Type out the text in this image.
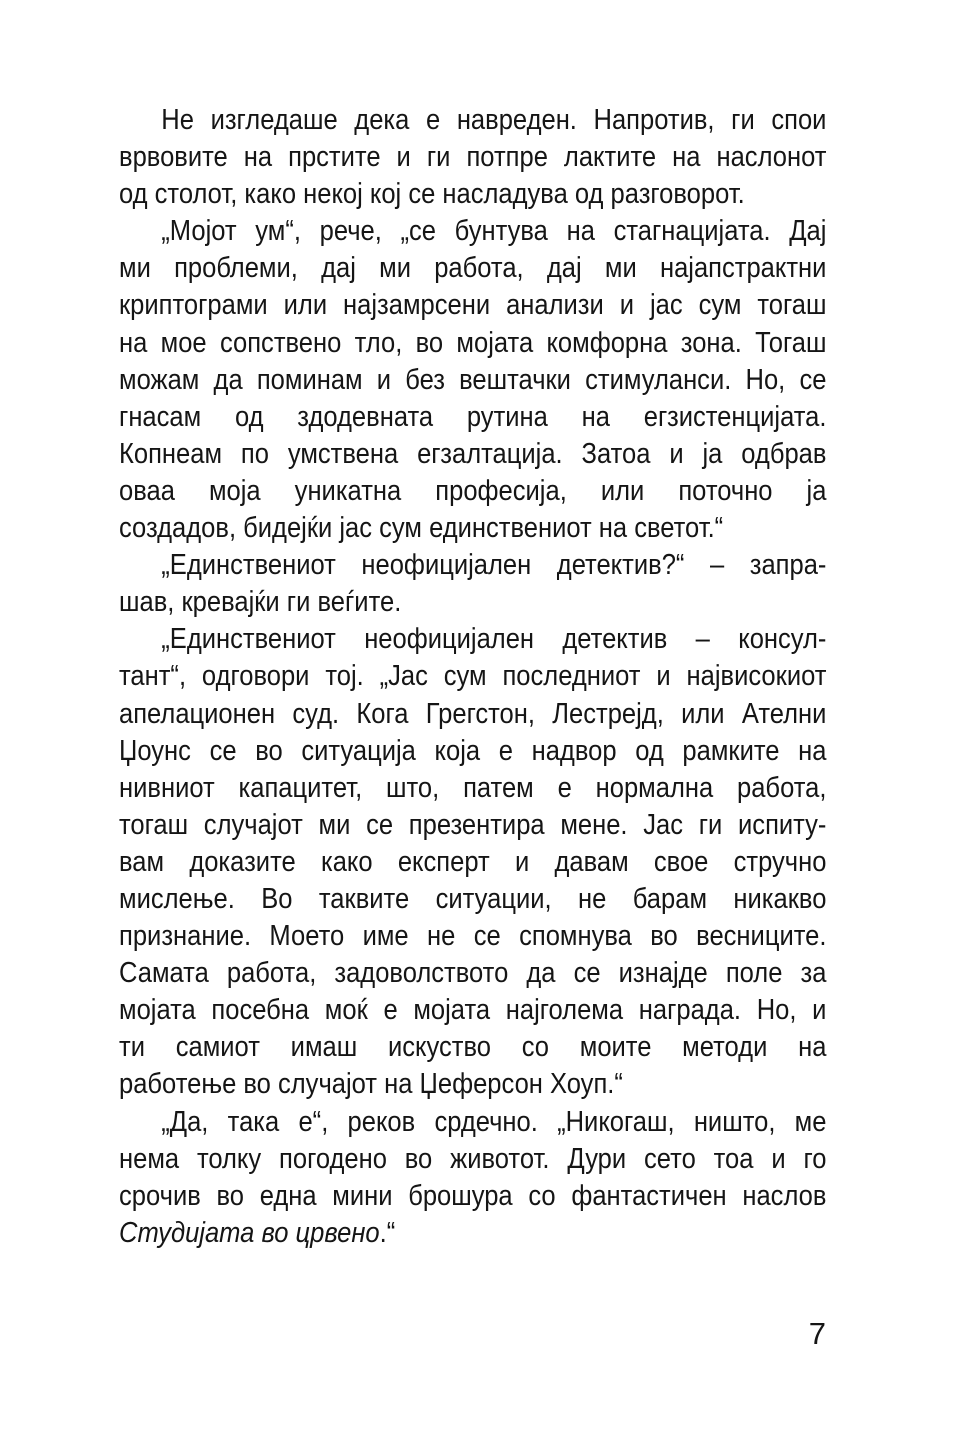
Не изгледаше дека е навреден. Напротив, ги спои
врвовите на прстите и ги потпре лактите на наслонот
од столот, како некој кој се насладува од разговорот.
„Мојот ум“, рече, „се бунтува на стагнацијата. Дај
ми проблеми, дај ми работа, дај ми најапстрактни
криптограми или најзамрсени анализи и јас сум тогаш
на мое сопствено тло, во мојата комфорна зона. Тогаш
можам да поминам и без вештачки стимуланси. Но, се
гнасам од здодевната рутина на егзистенцијата.
Копнеам по умствена егзалтација. Затоа и ја одбрав
оваа моја уникатна професија, или поточно ја
создадов, бидејќи јас сум единствениот на светот.“
„Единствениот неофицијален детектив?“ – запра-
шав, кревајќи ги веѓите.
„Единствениот неофицијален детектив – консул-
тант“, одговори тој. „Јас сум последниот и највисокиот
апелационен суд. Кога Грегстон, Лестрејд, или Ателни
Џоунс се во ситуација која е надвор од рамките на
нивниот капацитет, што, патем е нормална работа,
тогаш случајот ми се презентира мене. Јас ги испиту-
вам доказите како експерт и давам свое стручно
мислење. Во таквите ситуации, не барам никакво
признание. Моето име не се спомнува во весниците.
Самата работа, задоволството да се изнајде поле за
мојата посебна моќ е мојата најголема награда. Но, и
ти самиот имаш искуство со моите методи на
работење во случајот на Џеферсон Хоуп.“
„Да, така е“, реков срдечно. „Никогаш, ништо, ме
нема толку погодено во животот. Дури сето тоа и го
срочив во една мини брошура со фантастичен наслов
Студијата во црвено.“
7
